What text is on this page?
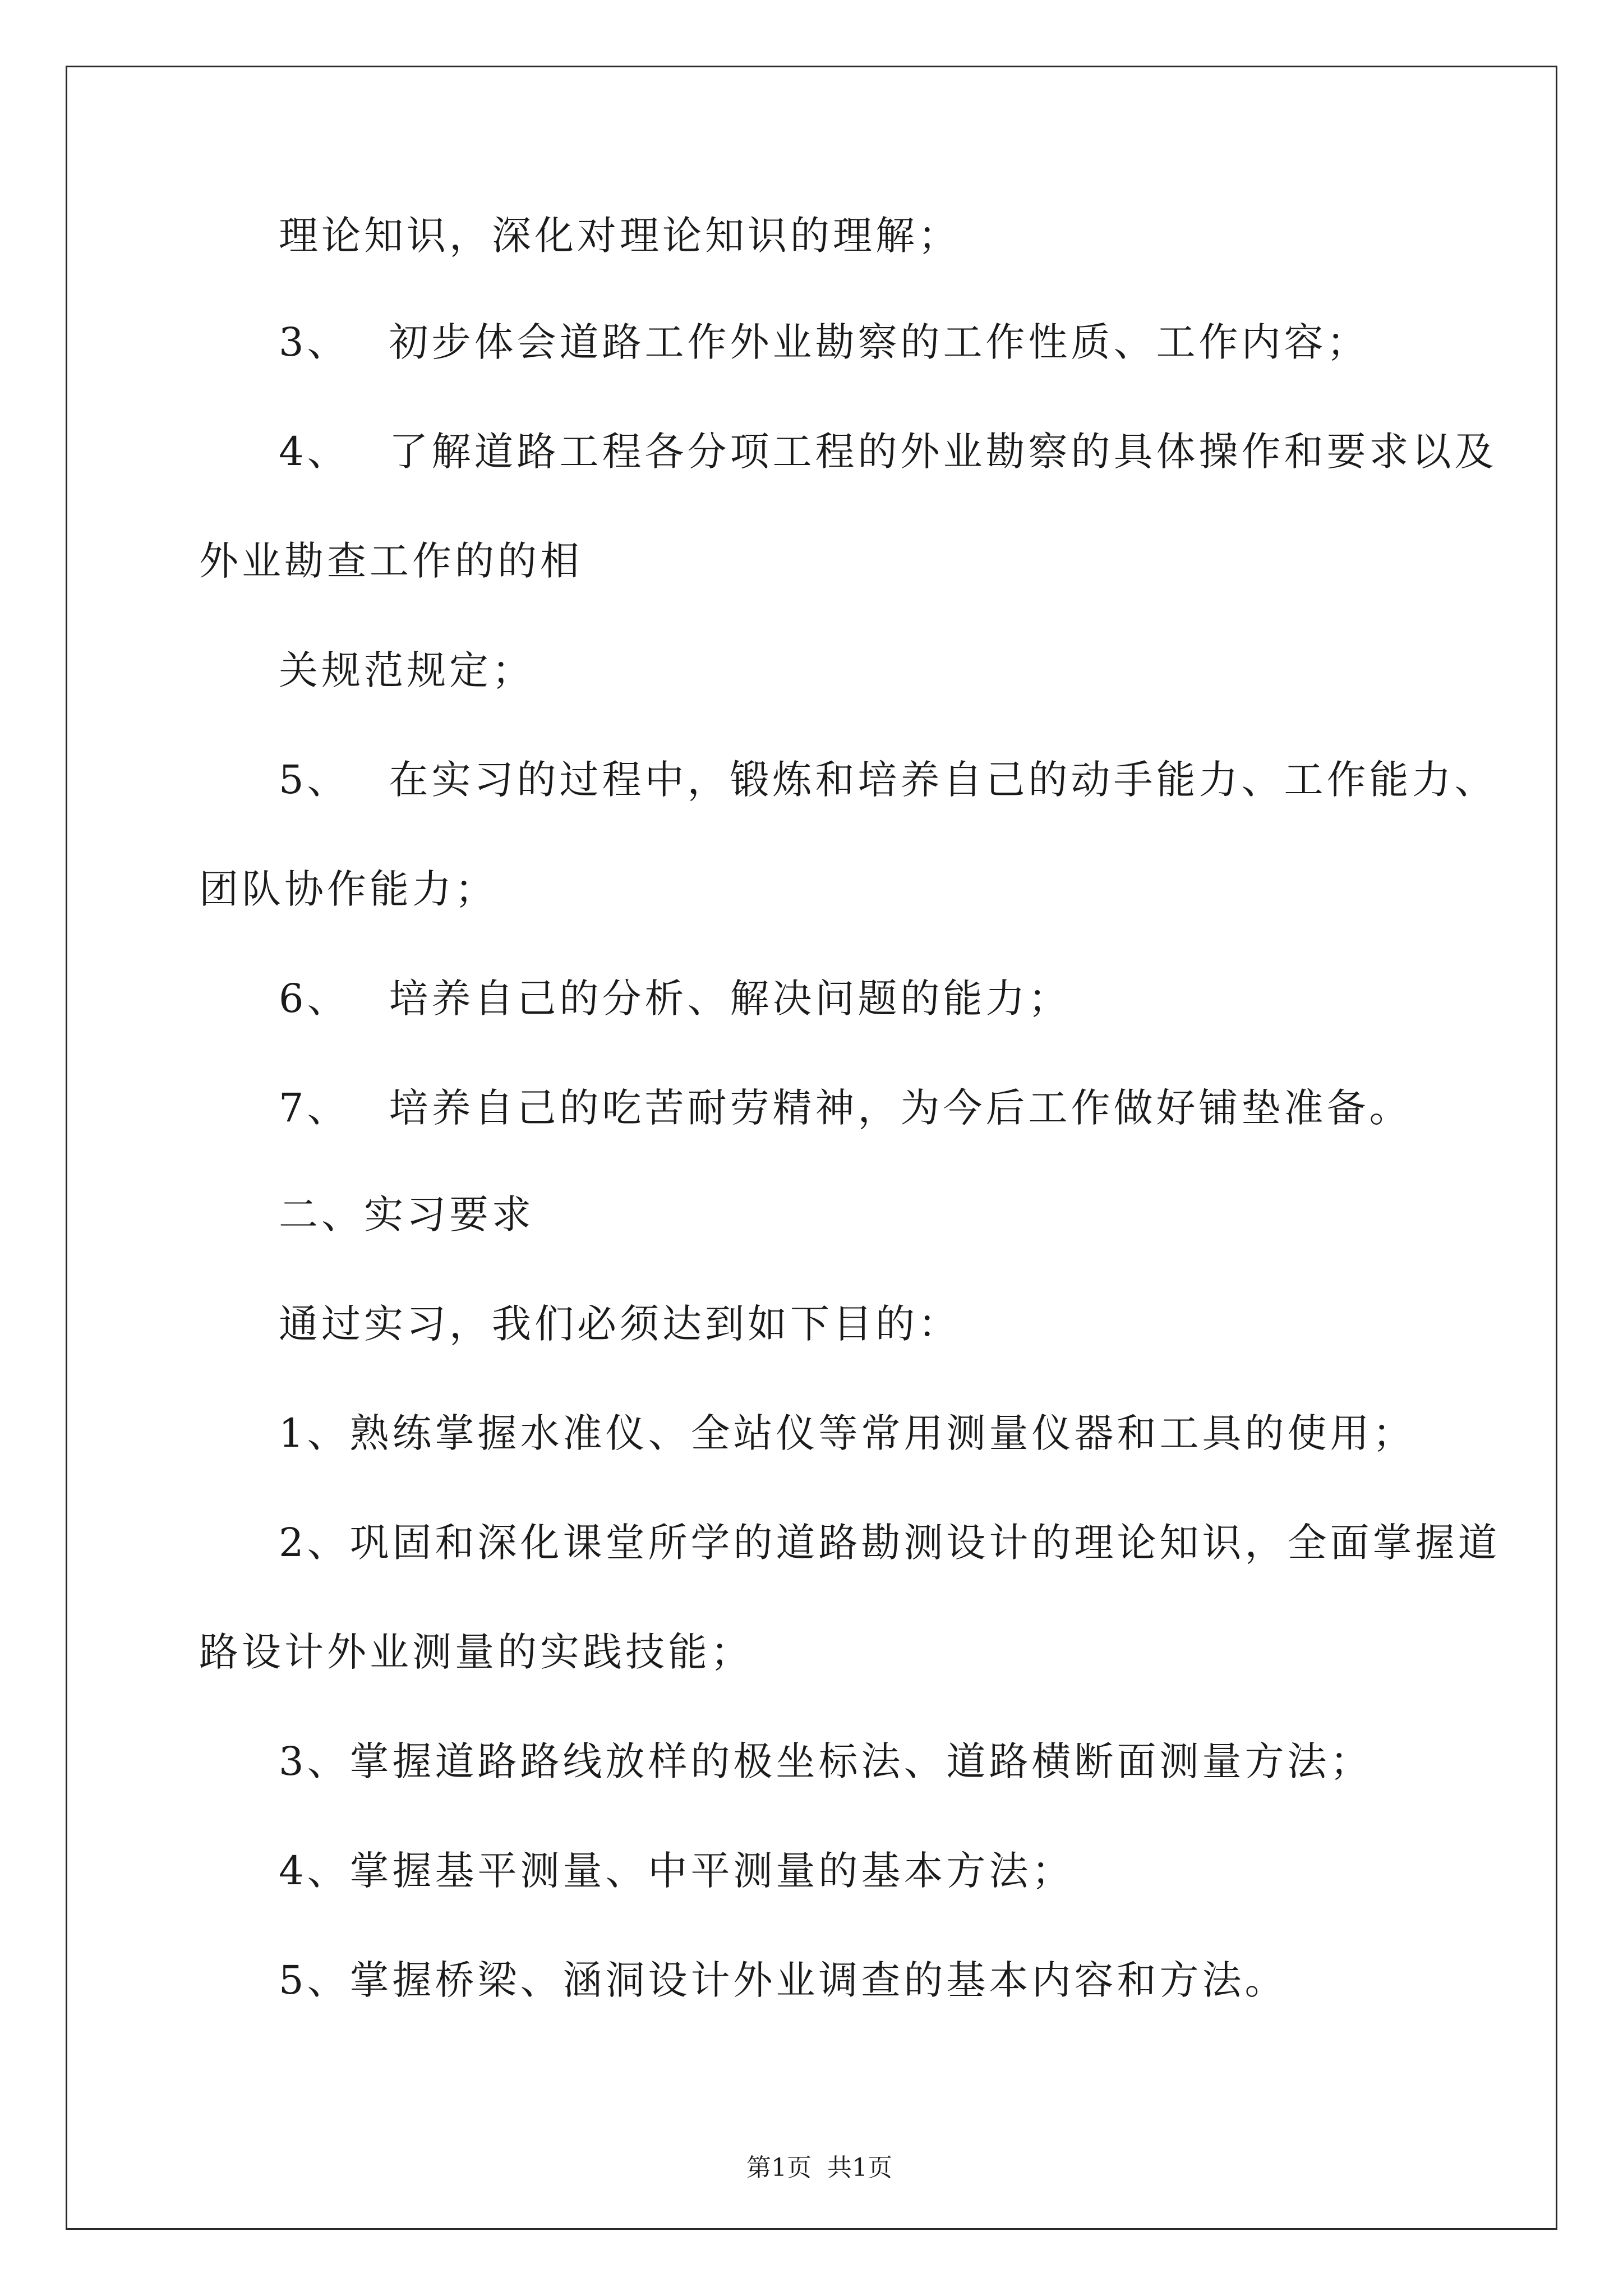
理论知识，深化对理论知识的理解；
3、 初步体会道路工作外业勘察的工作性质、工作内容；
4、 了解道路工程各分项工程的外业勘察的具体操作和要求以及
外业勘查工作的的相
关规范规定；
5、 在实习的过程中，锻炼和培养自己的动手能力、工作能力、
团队协作能力；
6、 培养自己的分析、解决问题的能力；
7、 培养自己的吃苦耐劳精神，为今后工作做好铺垫准备。
二、实习要求
通过实习，我们必须达到如下目的：
1、熟练掌握水准仪、全站仪等常用测量仪器和工具的使用；
2、巩固和深化课堂所学的道路勘测设计的理论知识，全面掌握道
路设计外业测量的实践技能；
3、掌握道路路线放样的极坐标法、道路横断面测量方法；
4、掌握基平测量、中平测量的基本方法；
5、掌握桥梁、涵洞设计外业调查的基本内容和方法。

第1页  共1页
